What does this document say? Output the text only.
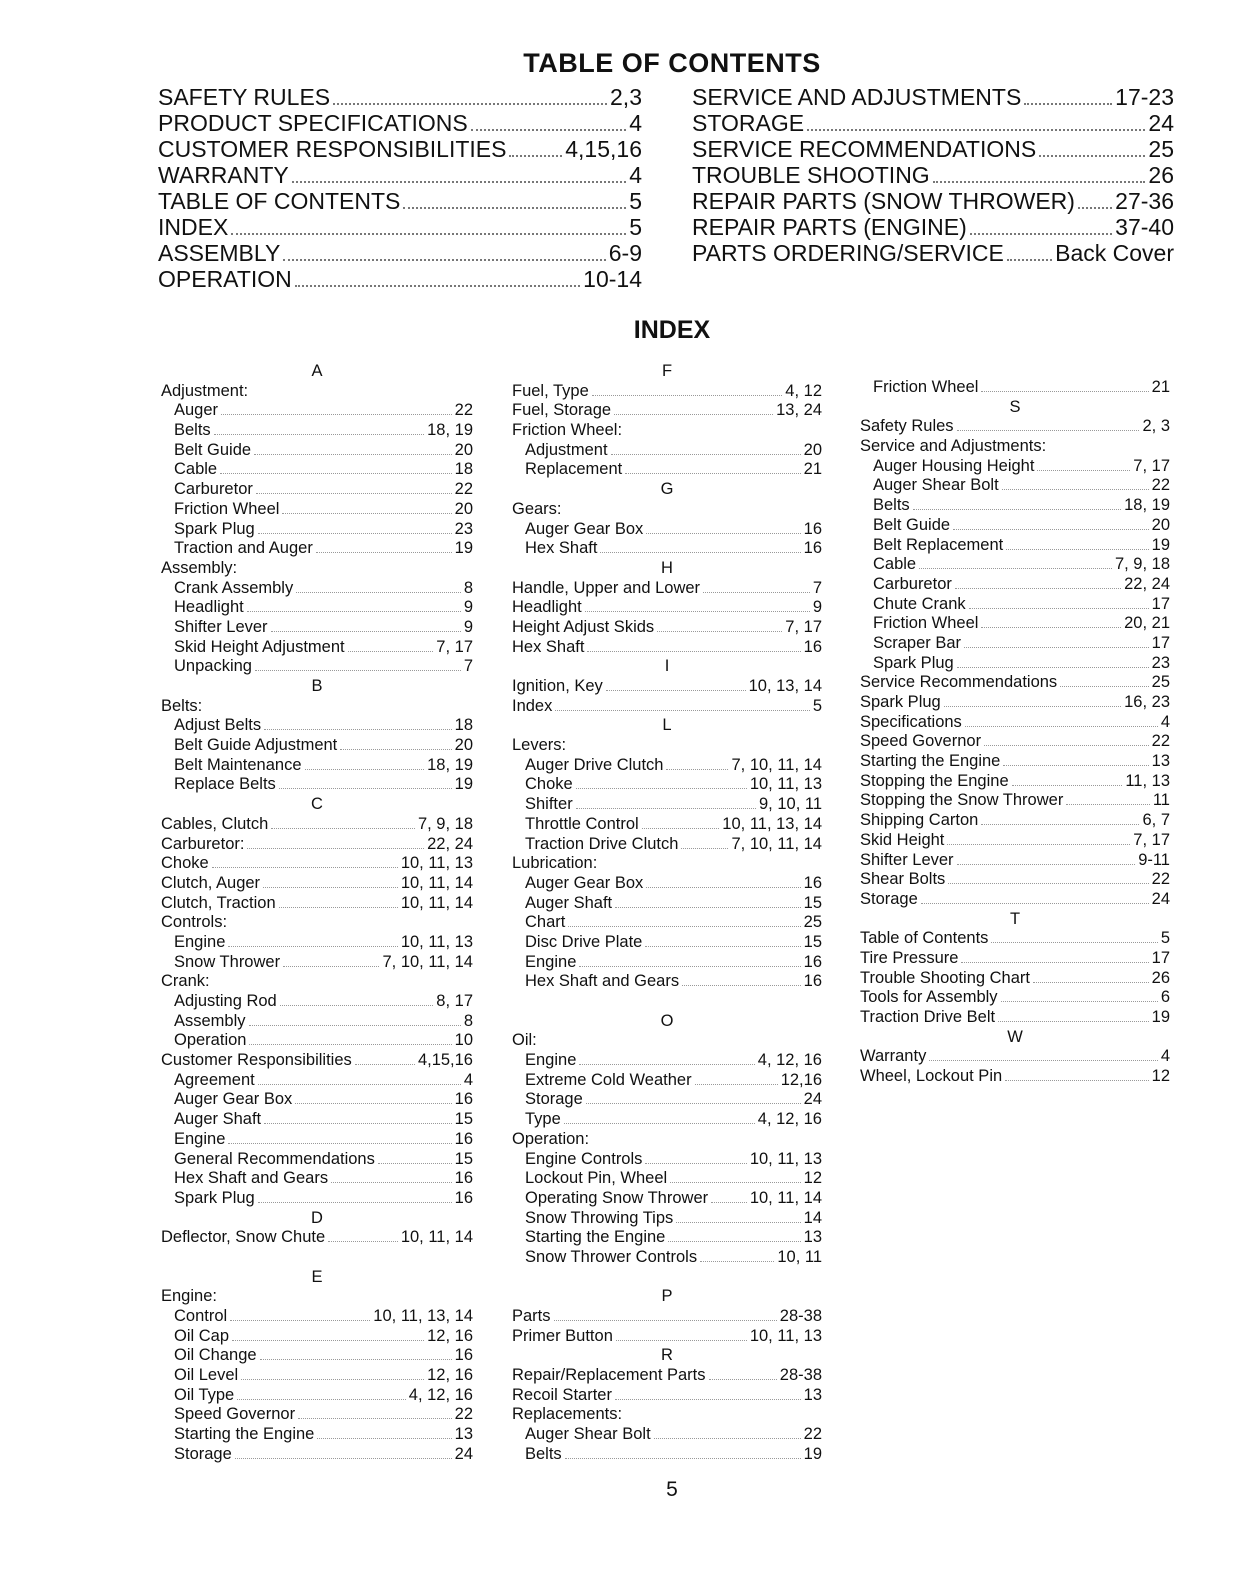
TABLE OF CONTENTS
SAFETY RULES	2,3
PRODUCT SPECIFICATIONS	4
CUSTOMER RESPONSIBILITIES	4,15,16
WARRANTY	4
TABLE OF CONTENTS	5
INDEX	5
ASSEMBLY	6-9
OPERATION	10-14
SERVICE AND ADJUSTMENTS	17-23
STORAGE	24
SERVICE RECOMMENDATIONS	25
TROUBLE SHOOTING	26
REPAIR PARTS (SNOW THROWER) 27-36
REPAIR PARTS (ENGINE)	37-40
PARTS ORDERING/SERVICE Back Cover
INDEX
A
Adjustment:
Auger	22
Belts	18, 19
Belt Guide	20
Cable	18
Carburetor	22
Friction Wheel	20
Spark Plug	23
Traction and Auger	19
Assembly:
Crank Assembly	8
Headlight	9
Shifter Lever	9
Skid Height Adjustment	7, 17
Unpacking	7
B
Belts:
Adjust Belts	18
Belt Guide Adjustment	20
Belt Maintenance	18, 19
Replace Belts	19
C
Cables, Clutch	7, 9, 18
Carburetor:	22, 24
Choke	10, 11, 13
Clutch, Auger	10, 11, 14
Clutch, Traction	10, 11, 14
Controls:
Engine	10, 11, 13
Snow Thrower	7, 10, 11, 14
Crank:
Adjusting Rod	8, 17
Assembly	8
Operation	10
Customer Responsibilities	4,15,16
Agreement	4
Auger Gear Box	16
Auger Shaft	15
Engine	16
General Recommendations	15
Hex Shaft and Gears	16
Spark Plug	16
D
Deflector, Snow Chute	10, 11, 14
E
Engine:
Control	10, 11, 13, 14
Oil Cap	12, 16
Oil Change	16
Oil Level	12, 16
Oil Type	4, 12, 16
Speed Governor	22
Starting the Engine	13
Storage	24
F
Fuel, Type	4, 12
Fuel, Storage	13, 24
Friction Wheel:
Adjustment	20
Replacement	21
G
Gears:
Auger Gear Box	16
Hex Shaft	16
H
Handle, Upper and Lower	7
Headlight	9
Height Adjust Skids	7, 17
Hex Shaft	16
I
Ignition, Key	10, 13, 14
Index	5
L
Levers:
Auger Drive Clutch	7, 10, 11, 14
Choke	10, 11, 13
Shifter	9, 10, 11
Throttle Control	10, 11, 13, 14
Traction Drive Clutch	7, 10, 11, 14
Lubrication:
Auger Gear Box	16
Auger Shaft	15
Chart	25
Disc Drive Plate	15
Engine	16
Hex Shaft and Gears	16
O
Oil:
Engine	4, 12, 16
Extreme Cold Weather	12,16
Storage	24
Type	4, 12, 16
Operation:
Engine Controls	10, 11, 13
Lockout Pin, Wheel	12
Operating Snow Thrower	10, 11, 14
Snow Throwing Tips	14
Starting the Engine	13
Snow Thrower Controls	10, 11
P
Parts	28-38
Primer Button	10, 11, 13
R
Repair/Replacement Parts	28-38
Recoil Starter	13
Replacements:
Auger Shear Bolt	22
Belts	19
Friction Wheel	21
S
Safety Rules	2, 3
Service and Adjustments:
Auger Housing Height	7, 17
Auger Shear Bolt	22
Belts	18, 19
Belt Guide	20
Belt Replacement	19
Cable	7, 9, 18
Carburetor	22, 24
Chute Crank	17
Friction Wheel	20, 21
Scraper Bar	17
Spark Plug	23
Service Recommendations	25
Spark Plug	16, 23
Specifications	4
Speed Governor	22
Starting the Engine	13
Stopping the Engine	11, 13
Stopping the Snow Thrower	11
Shipping Carton	6, 7
Skid Height	7, 17
Shifter Lever	9-11
Shear Bolts	22
Storage	24
T
Table of Contents	5
Tire Pressure	17
Trouble Shooting Chart	26
Tools for Assembly	6
Traction Drive Belt	19
W
Warranty	4
Wheel, Lockout Pin	12
5
